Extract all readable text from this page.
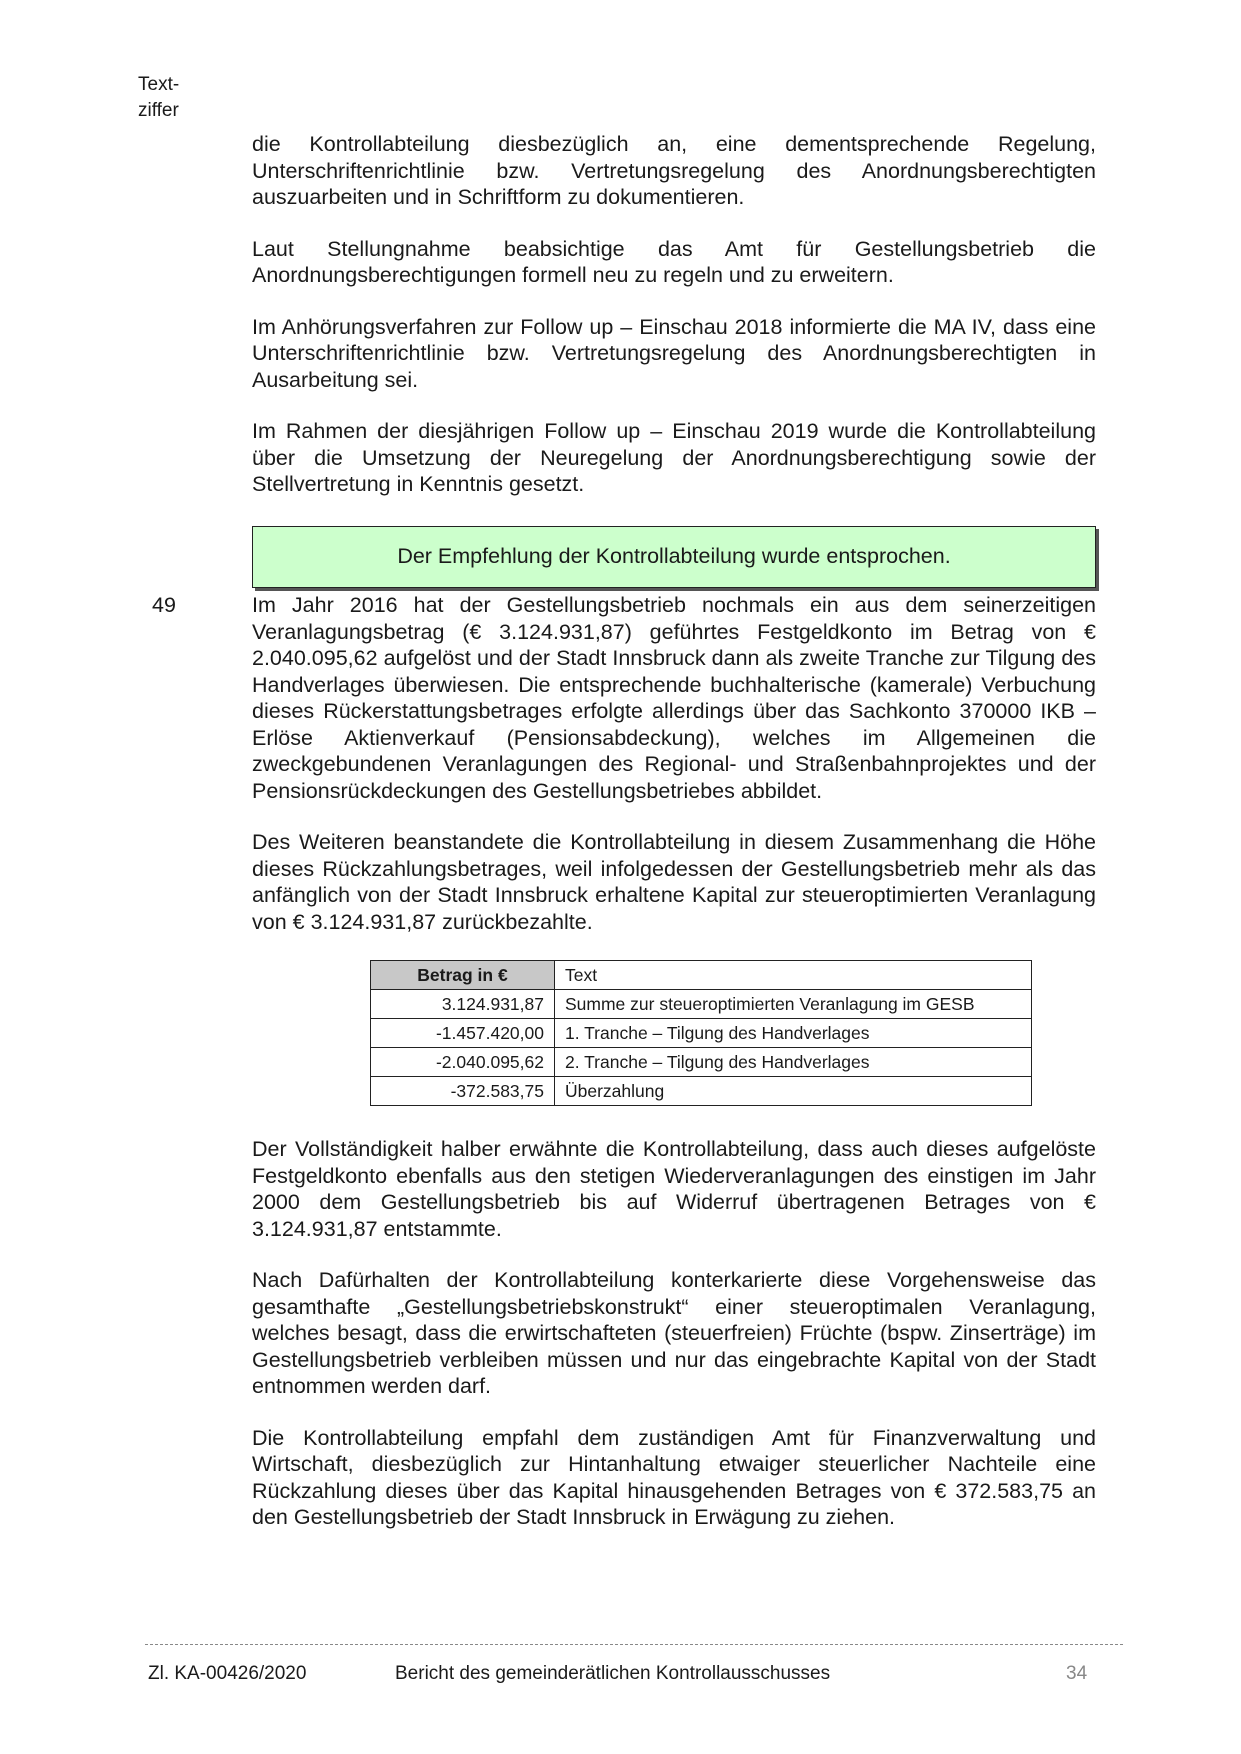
Text-
ziffer

die Kontrollabteilung diesbezüglich an, eine dementsprechende Regelung, Unterschriftenrichtlinie bzw. Vertretungsregelung des Anordnungsberechtigten auszuarbeiten und in Schriftform zu dokumentieren.

Laut Stellungnahme beabsichtige das Amt für Gestellungsbetrieb die Anordnungsberechtigungen formell neu zu regeln und zu erweitern.

Im Anhörungsverfahren zur Follow up – Einschau 2018 informierte die MA IV, dass eine Unterschriftenrichtlinie bzw. Vertretungsregelung des Anordnungsberechtigten in Ausarbeitung sei.

Im Rahmen der diesjährigen Follow up – Einschau 2019 wurde die Kontrollabteilung über die Umsetzung der Neuregelung der Anordnungsberechtigung sowie der Stellvertretung in Kenntnis gesetzt.

Der Empfehlung der Kontrollabteilung wurde entsprochen.
49	Im Jahr 2016 hat der Gestellungsbetrieb nochmals ein aus dem seinerzeitigen Veranlagungsbetrag (€ 3.124.931,87) geführtes Festgeldkonto im Betrag von € 2.040.095,62 aufgelöst und der Stadt Innsbruck dann als zweite Tranche zur Tilgung des Handverlages überwiesen. Die entsprechende buchhalterische (kamerale) Verbuchung dieses Rückerstattungsbetrages erfolgte allerdings über das Sachkonto 370000 IKB – Erlöse Aktienverkauf (Pensionsabdeckung), welches im Allgemeinen die zweckgebundenen Veranlagungen des Regional- und Straßenbahnprojektes und der Pensionsrückdeckungen des Gestellungsbetriebes abbildet.

Des Weiteren beanstandete die Kontrollabteilung in diesem Zusammenhang die Höhe dieses Rückzahlungsbetrages, weil infolgedessen der Gestellungsbetrieb mehr als das anfänglich von der Stadt Innsbruck erhaltene Kapital zur steueroptimierten Veranlagung von € 3.124.931,87 zurückbezahlte.

Betrag in €	Text
3.124.931,87	Summe zur steueroptimierten Veranlagung im GESB
-1.457.420,00	1. Tranche – Tilgung des Handverlages
-2.040.095,62	2. Tranche – Tilgung des Handverlages
-372.583,75	Überzahlung

Der Vollständigkeit halber erwähnte die Kontrollabteilung, dass auch dieses aufgelöste Festgeldkonto ebenfalls aus den stetigen Wiederveranlagungen des einstigen im Jahr 2000 dem Gestellungsbetrieb bis auf Widerruf übertragenen Betrages von € 3.124.931,87 entstammte.

Nach Dafürhalten der Kontrollabteilung konterkarierte diese Vorgehensweise das gesamthafte „Gestellungsbetriebskonstrukt“ einer steueroptimalen Veranlagung, welches besagt, dass die erwirtschafteten (steuerfreien) Früchte (bspw. Zinserträge) im Gestellungsbetrieb verbleiben müssen und nur das eingebrachte Kapital von der Stadt entnommen werden darf.

Die Kontrollabteilung empfahl dem zuständigen Amt für Finanzverwaltung und Wirtschaft, diesbezüglich zur Hintanhaltung etwaiger steuerlicher Nachteile eine Rückzahlung dieses über das Kapital hinausgehenden Betrages von € 372.583,75 an den Gestellungsbetrieb der Stadt Innsbruck in Erwägung zu ziehen.

Zl. KA-00426/2020	Bericht des gemeinderätlichen Kontrollausschusses	34
